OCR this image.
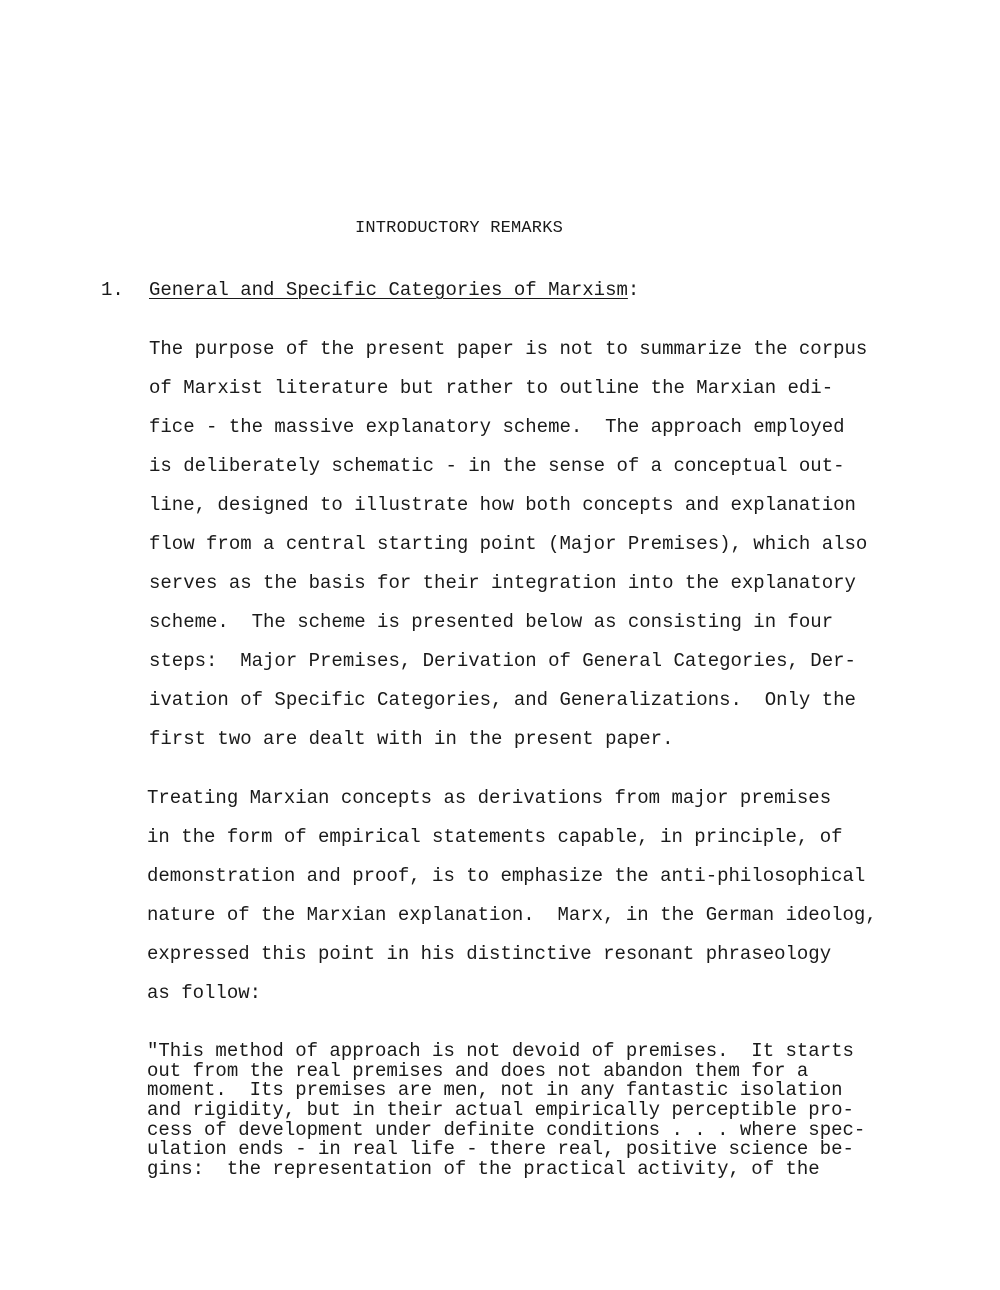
INTRODUCTORY REMARKS
1. General and Specific Categories of Marxism:
The purpose of the present paper is not to summarize the corpus
of Marxist literature but rather to outline the Marxian edi-
fice - the massive explanatory scheme.  The approach employed
is deliberately schematic - in the sense of a conceptual out-
line, designed to illustrate how both concepts and explanation
flow from a central starting point (Major Premises), which also
serves as the basis for their integration into the explanatory
scheme.  The scheme is presented below as consisting in four
steps:  Major Premises, Derivation of General Categories, Der-
ivation of Specific Categories, and Generalizations.  Only the
first two are dealt with in the present paper.
Treating Marxian concepts as derivations from major premises
in the form of empirical statements capable, in principle, of
demonstration and proof, is to emphasize the anti-philosophical
nature of the Marxian explanation.  Marx, in the German ideolog,
expressed this point in his distinctive resonant phraseology
as follow:
"This method of approach is not devoid of premises.  It starts
out from the real premises and does not abandon them for a
moment.  Its premises are men, not in any fantastic isolation
and rigidity, but in their actual empirically perceptible pro-
cess of development under definite conditions . . . where spec-
ulation ends - in real life - there real, positive science be-
gins:  the representation of the practical activity, of the
